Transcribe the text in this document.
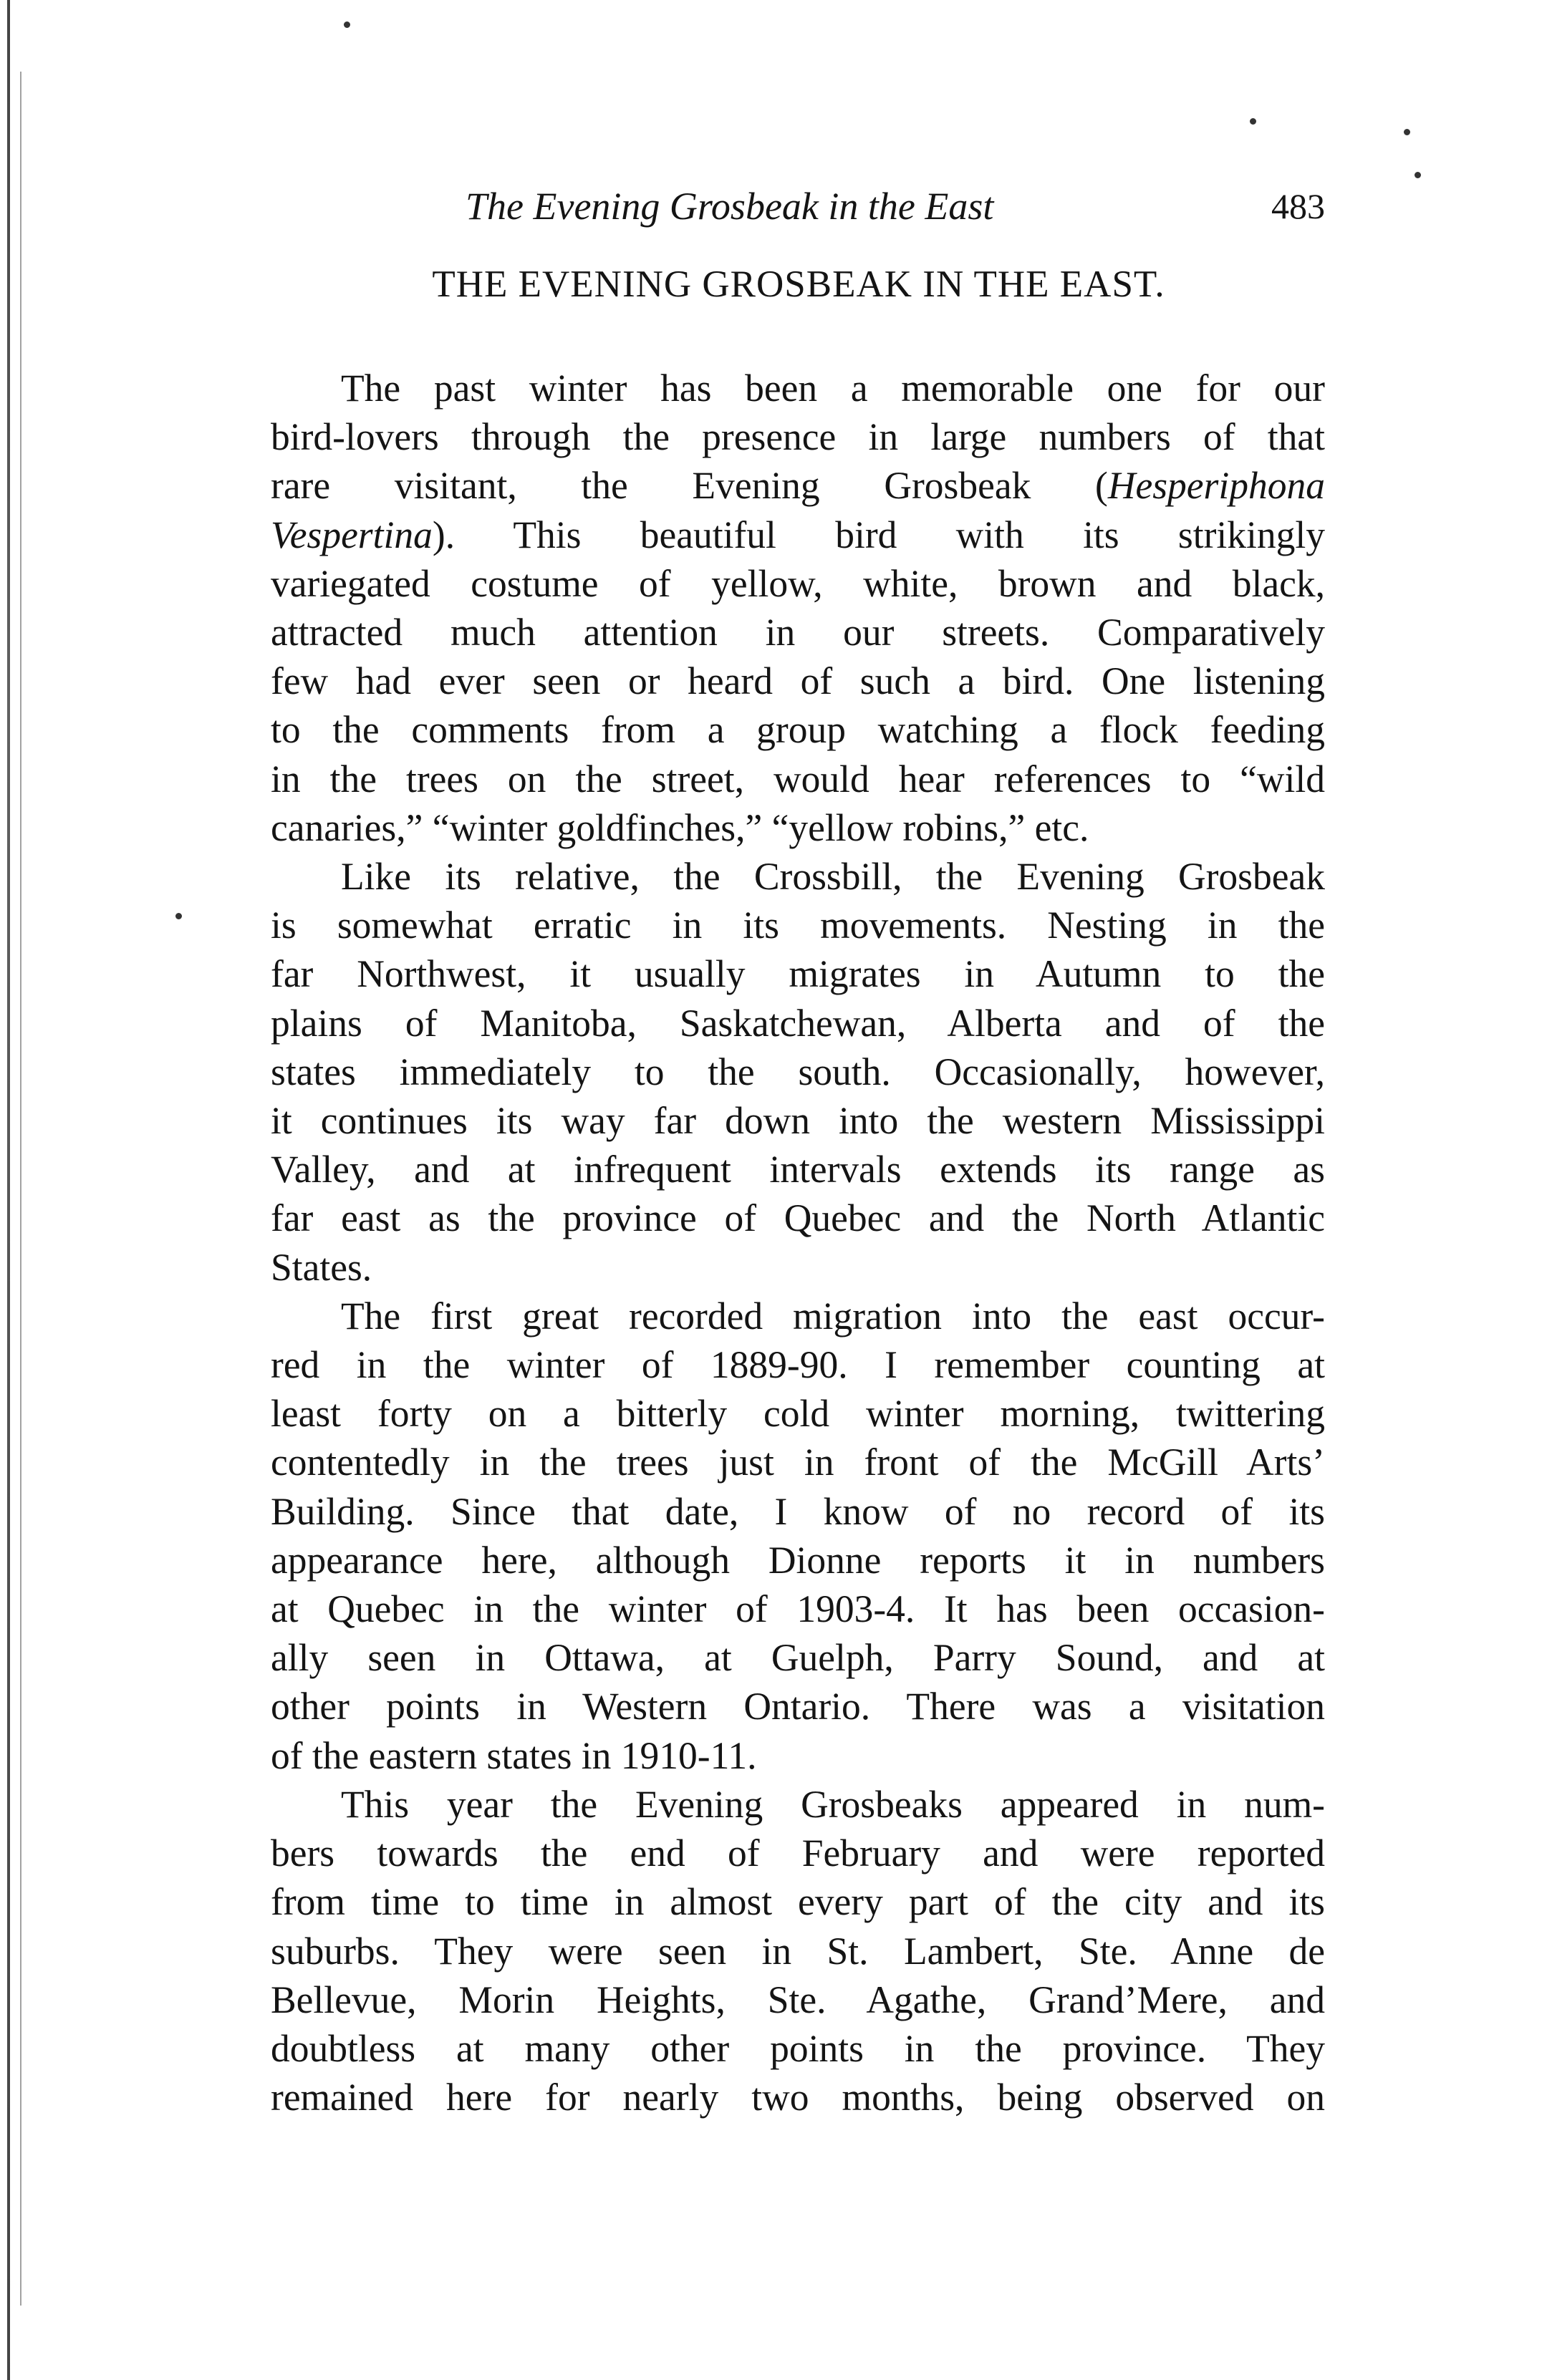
The Evening Grosbeak in the East	483
THE EVENING GROSBEAK IN THE EAST.

The past winter has been a memorable one for our
bird-lovers through the presence in large numbers of that
rare visitant, the Evening Grosbeak (Hesperiphona
Vespertina). This beautiful bird with its strikingly
variegated costume of yellow, white, brown and black,
attracted much attention in our streets. Comparatively
few had ever seen or heard of such a bird. One listening
to the comments from a group watching a flock feeding
in the trees on the street, would hear references to “wild
canaries,” “winter goldfinches,” “yellow robins,” etc.

Like its relative, the Crossbill, the Evening Grosbeak
is somewhat erratic in its movements. Nesting in the
far Northwest, it usually migrates in Autumn to the
plains of Manitoba, Saskatchewan, Alberta and of the
states immediately to the south. Occasionally, however,
it continues its way far down into the western Mississippi
Valley, and at infrequent intervals extends its range as
far east as the province of Quebec and the North Atlantic
States.

The first great recorded migration into the east occur-
red in the winter of 1889-90. I remember counting at
least forty on a bitterly cold winter morning, twittering
contentedly in the trees just in front of the McGill Arts’
Building. Since that date, I know of no record of its
appearance here, although Dionne reports it in numbers
at Quebec in the winter of 1903-4. It has been occasion-
ally seen in Ottawa, at Guelph, Parry Sound, and at
other points in Western Ontario. There was a visitation
of the eastern states in 1910-11.

This year the Evening Grosbeaks appeared in num-
bers towards the end of February and were reported
from time to time in almost every part of the city and its
suburbs. They were seen in St. Lambert, Ste. Anne de
Bellevue, Morin Heights, Ste. Agathe, Grand’Mere, and
doubtless at many other points in the province. They
remained here for nearly two months, being observed on
